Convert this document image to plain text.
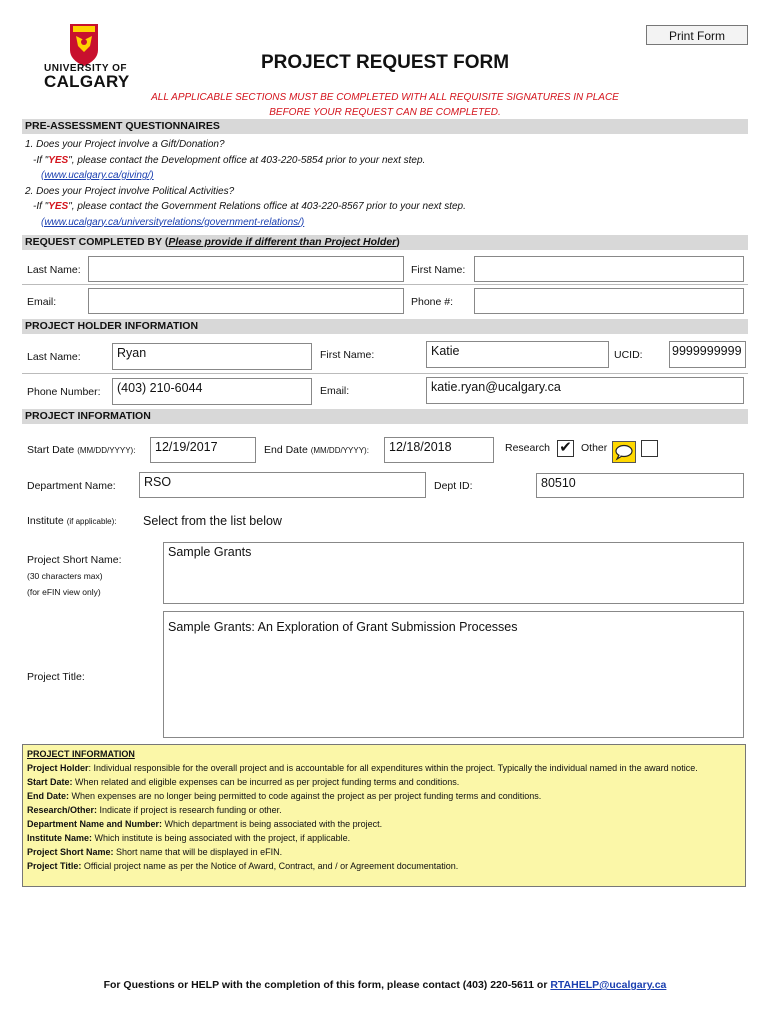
UNIVERSITY OF
CALGARY
Print Form
PROJECT REQUEST FORM
ALL APPLICABLE SECTIONS MUST BE COMPLETED WITH ALL REQUISITE SIGNATURES IN PLACE
BEFORE YOUR REQUEST CAN BE COMPLETED.
PRE-ASSESSMENT QUESTIONNAIRES
1. Does your Project involve a Gift/Donation?
-If "YES", please contact the Development office at 403-220-5854 prior to your next step.
(www.ucalgary.ca/giving/)
2. Does your Project involve Political Activities?
-If "YES", please contact the Government Relations office at 403-220-8567 prior to your next step.
(www.ucalgary.ca/universityrelations/government-relations/)
REQUEST COMPLETED BY (Please provide if different than Project Holder)
Last Name:	First Name:
Email:	Phone #:
PROJECT HOLDER INFORMATION
Last Name:	Ryan	First Name:	Katie	UCID: 9999999999
Phone Number:	(403) 210-6044	Email:	katie.ryan@ucalgary.ca
PROJECT INFORMATION
Start Date (MM/DD/YYYY):	12/19/2017	End Date (MM/DD/YYYY):	12/18/2018	Research ✔ Other
Department Name:	RSO	Dept ID:	80510
Institute (if applicable):	Select from the list below
Project Short Name:
(30 characters max)
(for eFIN view only)
Sample Grants
Project Title:
Sample Grants: An Exploration of Grant Submission Processes
PROJECT INFORMATION
Project Holder: Individual responsible for the overall project and is accountable for all expenditures within the project. Typically the individual named in the award notice.
Start Date: When related and eligible expenses can be incurred as per project funding terms and conditions.
End Date: When expenses are no longer being permitted to code against the project as per project funding terms and conditions.
Research/Other: Indicate if project is research funding or other.
Department Name and Number: Which department is being associated with the project.
Institute Name: Which institute is being associated with the project, if applicable.
Project Short Name: Short name that will be displayed in eFIN.
Project Title: Official project name as per the Notice of Award, Contract, and / or Agreement documentation.
For Questions or HELP with the completion of this form, please contact (403) 220-5611 or RTAHELP@ucalgary.ca
